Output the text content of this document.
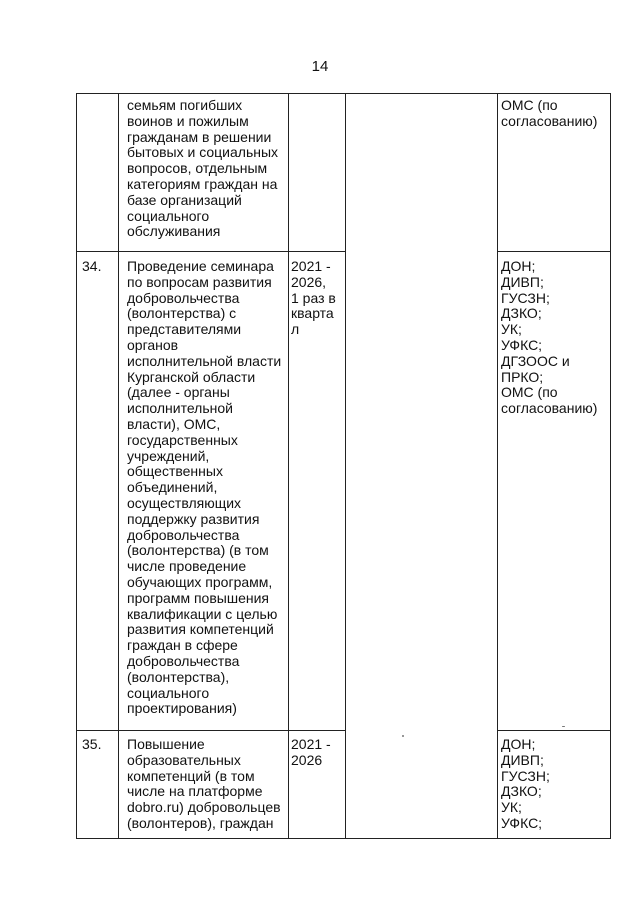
14
семьям погибших
воинов и пожилым
гражданам в решении
бытовых и социальных
вопросов, отдельным
категориям граждан на
базе организаций
социального
обслуживания
ОМС (по
согласованию)
34.	Проведение семинара
по вопросам развития
добровольчества
(волонтерства) с
представителями
органов
исполнительной власти
Курганской области
(далее - органы
исполнительной
власти), ОМС,
государственных
учреждений,
общественных
объединений,
осуществляющих
поддержку развития
добровольчества
(волонтерства) (в том
числе проведение
обучающих программ,
программ повышения
квалификации с целью
развития компетенций
граждан в сфере
добровольчества
(волонтерства),
социального
проектирования)
2021 -
2026,
1 раз в
кварта
л
ДОН;
ДИВП;
ГУСЗН;
ДЗКО;
УК;
УФКС;
ДГЗООС и
ПРКО;
ОМС (по
согласованию)
35.	Повышение
образовательных
компетенций (в том
числе на платформе
dobro.ru) добровольцев
(волонтеров), граждан
2021 -
2026
ДОН;
ДИВП;
ГУСЗН;
ДЗКО;
УК;
УФКС;
